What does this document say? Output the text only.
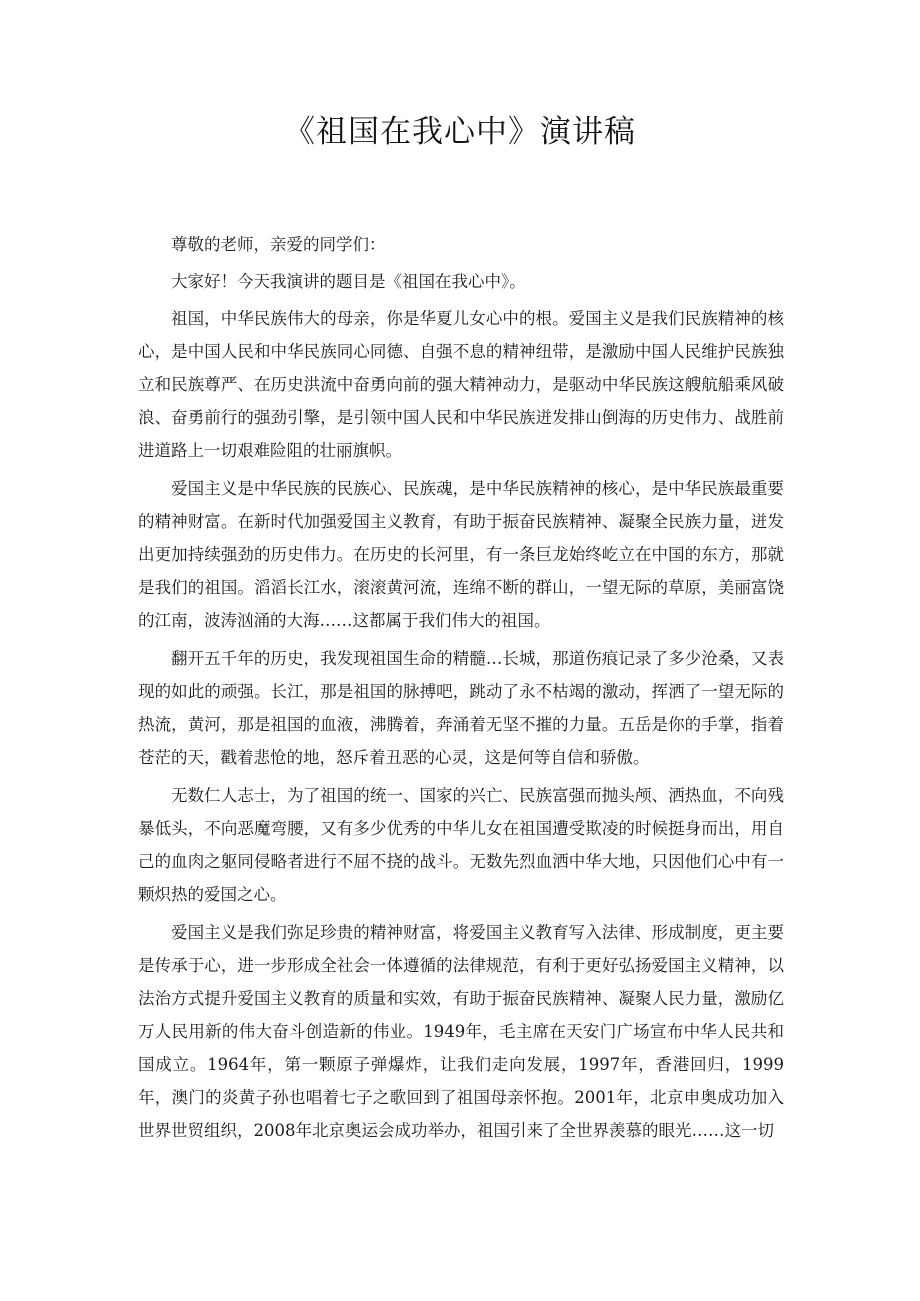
《祖国在我心中》演讲稿

尊敬的老师，亲爱的同学们：

大家好！今天我演讲的题目是《祖国在我心中》。

祖国，中华民族伟大的母亲，你是华夏儿女心中的根。爱国主义是我们民族精神的核心，是中国人民和中华民族同心同德、自强不息的精神纽带，是激励中国人民维护民族独立和民族尊严、在历史洪流中奋勇向前的强大精神动力，是驱动中华民族这艘航船乘风破浪、奋勇前行的强劲引擎，是引领中国人民和中华民族迸发排山倒海的历史伟力、战胜前进道路上一切艰难险阻的壮丽旗帜。

爱国主义是中华民族的民族心、民族魂，是中华民族精神的核心，是中华民族最重要的精神财富。在新时代加强爱国主义教育，有助于振奋民族精神、凝聚全民族力量，迸发出更加持续强劲的历史伟力。在历史的长河里，有一条巨龙始终屹立在中国的东方，那就是我们的祖国。滔滔长江水，滚滚黄河流，连绵不断的群山，一望无际的草原，美丽富饶的江南，波涛汹涌的大海……这都属于我们伟大的祖国。

翻开五千年的历史，我发现祖国生命的精髓…长城，那道伤痕记录了多少沧桑，又表现的如此的顽强。长江，那是祖国的脉搏吧，跳动了永不枯竭的激动，挥洒了一望无际的热流，黄河，那是祖国的血液，沸腾着，奔涌着无坚不摧的力量。五岳是你的手掌，指着苍茫的天，戳着悲怆的地，怒斥着丑恶的心灵，这是何等自信和骄傲。

无数仁人志士，为了祖国的统一、国家的兴亡、民族富强而抛头颅、洒热血，不向残暴低头，不向恶魔弯腰，又有多少优秀的中华儿女在祖国遭受欺凌的时候挺身而出，用自己的血肉之躯同侵略者进行不屈不挠的战斗。无数先烈血洒中华大地，只因他们心中有一颗炽热的爱国之心。

爱国主义是我们弥足珍贵的精神财富，将爱国主义教育写入法律、形成制度，更主要是传承于心，进一步形成全社会一体遵循的法律规范，有利于更好弘扬爱国主义精神，以法治方式提升爱国主义教育的质量和实效，有助于振奋民族精神、凝聚人民力量，激励亿万人民用新的伟大奋斗创造新的伟业。1949年，毛主席在天安门广场宣布中华人民共和国成立。1964年，第一颗原子弹爆炸，让我们走向发展，1997年，香港回归，1999年，澳门的炎黄子孙也唱着七子之歌回到了祖国母亲怀抱。2001年，北京申奥成功加入世界世贸组织，2008年北京奥运会成功举办，祖国引来了全世界羡慕的眼光……这一切
